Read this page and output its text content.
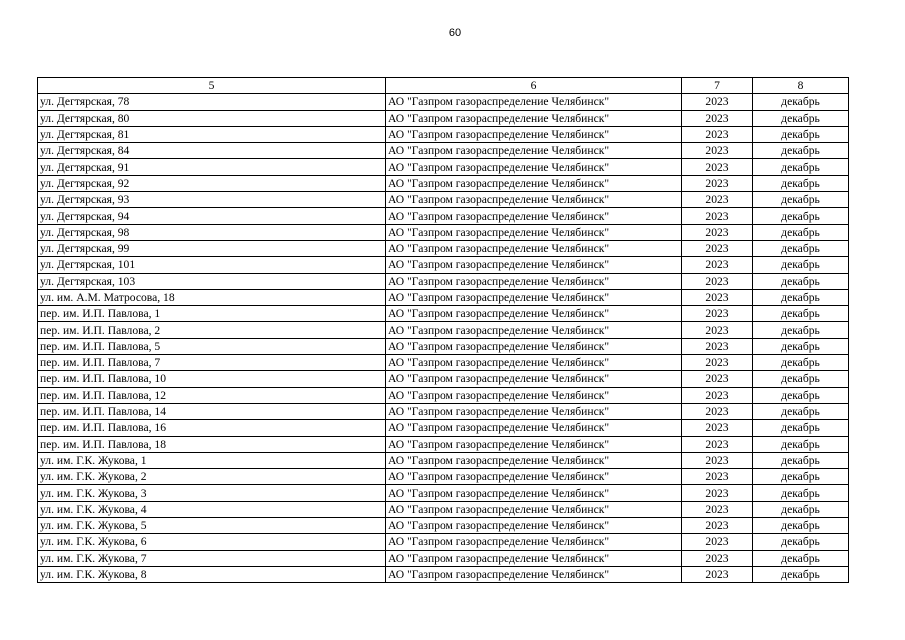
60
5	6	7	8
ул. Дегтярская, 78	АО "Газпром газораспределение Челябинск"	2023	декабрь
ул. Дегтярская, 80	АО "Газпром газораспределение Челябинск"	2023	декабрь
ул. Дегтярская, 81	АО "Газпром газораспределение Челябинск"	2023	декабрь
ул. Дегтярская, 84	АО "Газпром газораспределение Челябинск"	2023	декабрь
ул. Дегтярская, 91	АО "Газпром газораспределение Челябинск"	2023	декабрь
ул. Дегтярская, 92	АО "Газпром газораспределение Челябинск"	2023	декабрь
ул. Дегтярская, 93	АО "Газпром газораспределение Челябинск"	2023	декабрь
ул. Дегтярская, 94	АО "Газпром газораспределение Челябинск"	2023	декабрь
ул. Дегтярская, 98	АО "Газпром газораспределение Челябинск"	2023	декабрь
ул. Дегтярская, 99	АО "Газпром газораспределение Челябинск"	2023	декабрь
ул. Дегтярская, 101	АО "Газпром газораспределение Челябинск"	2023	декабрь
ул. Дегтярская, 103	АО "Газпром газораспределение Челябинск"	2023	декабрь
ул. им. А.М. Матросова, 18	АО "Газпром газораспределение Челябинск"	2023	декабрь
пер. им. И.П. Павлова, 1	АО "Газпром газораспределение Челябинск"	2023	декабрь
пер. им. И.П. Павлова, 2	АО "Газпром газораспределение Челябинск"	2023	декабрь
пер. им. И.П. Павлова, 5	АО "Газпром газораспределение Челябинск"	2023	декабрь
пер. им. И.П. Павлова, 7	АО "Газпром газораспределение Челябинск"	2023	декабрь
пер. им. И.П. Павлова, 10	АО "Газпром газораспределение Челябинск"	2023	декабрь
пер. им. И.П. Павлова, 12	АО "Газпром газораспределение Челябинск"	2023	декабрь
пер. им. И.П. Павлова, 14	АО "Газпром газораспределение Челябинск"	2023	декабрь
пер. им. И.П. Павлова, 16	АО "Газпром газораспределение Челябинск"	2023	декабрь
пер. им. И.П. Павлова, 18	АО "Газпром газораспределение Челябинск"	2023	декабрь
ул. им. Г.К. Жукова, 1	АО "Газпром газораспределение Челябинск"	2023	декабрь
ул. им. Г.К. Жукова, 2	АО "Газпром газораспределение Челябинск"	2023	декабрь
ул. им. Г.К. Жукова, 3	АО "Газпром газораспределение Челябинск"	2023	декабрь
ул. им. Г.К. Жукова, 4	АО "Газпром газораспределение Челябинск"	2023	декабрь
ул. им. Г.К. Жукова, 5	АО "Газпром газораспределение Челябинск"	2023	декабрь
ул. им. Г.К. Жукова, 6	АО "Газпром газораспределение Челябинск"	2023	декабрь
ул. им. Г.К. Жукова, 7	АО "Газпром газораспределение Челябинск"	2023	декабрь
ул. им. Г.К. Жукова, 8	АО "Газпром газораспределение Челябинск"	2023	декабрь
